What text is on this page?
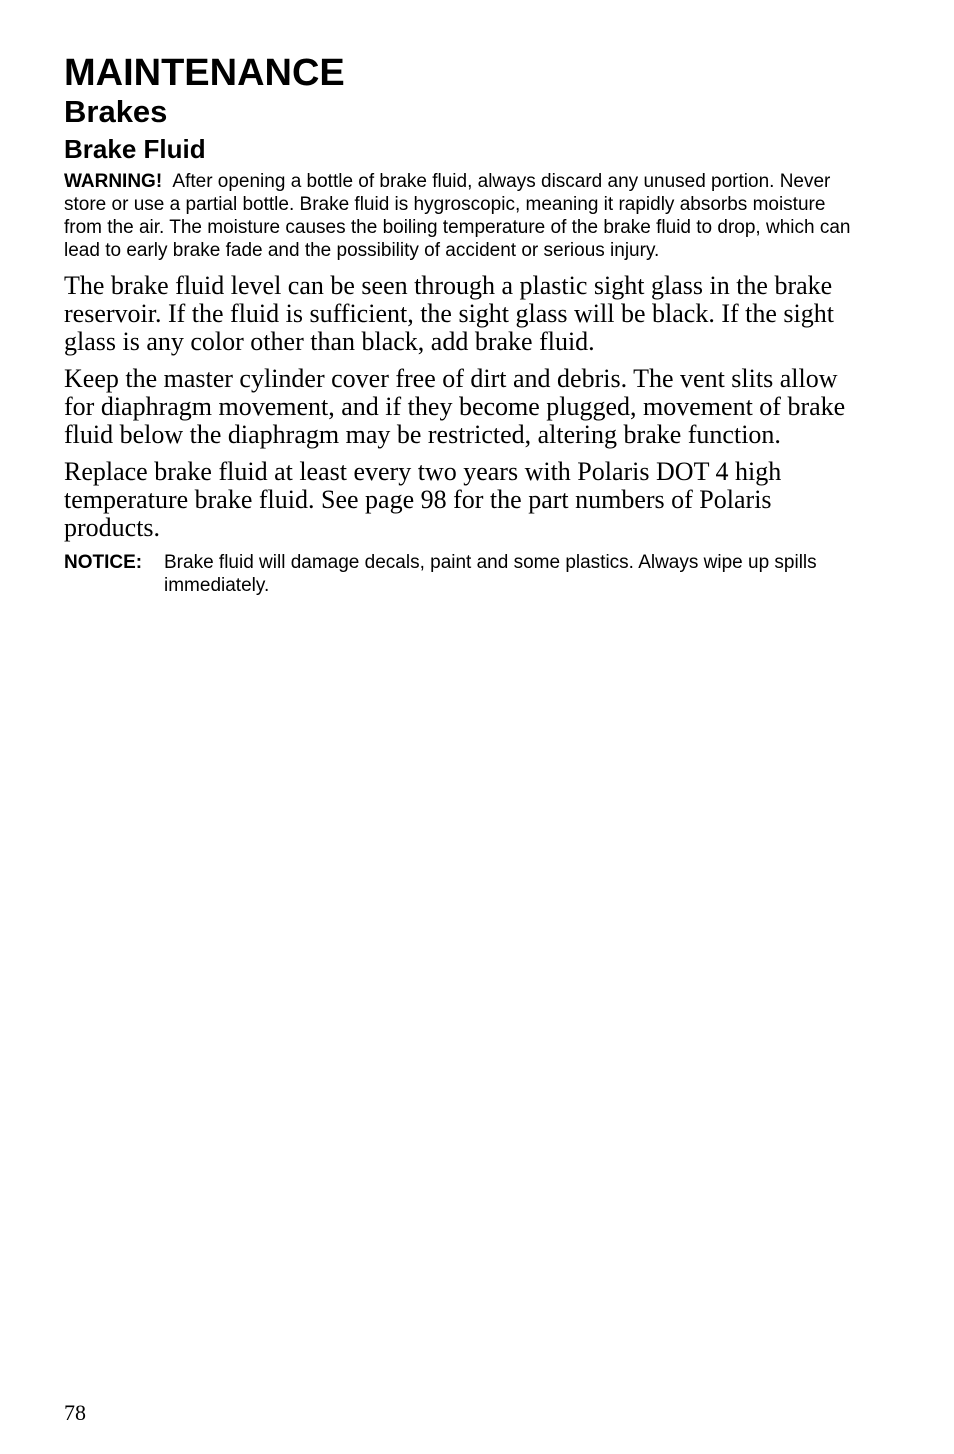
MAINTENANCE
Brakes
Brake Fluid
WARNING! After opening a bottle of brake fluid, always discard any unused portion. Never store or use a partial bottle. Brake fluid is hygroscopic, meaning it rapidly absorbs moisture from the air. The moisture causes the boiling temperature of the brake fluid to drop, which can lead to early brake fade and the possibility of accident or serious injury.

The brake fluid level can be seen through a plastic sight glass in the brake reservoir. If the fluid is sufficient, the sight glass will be black. If the sight glass is any color other than black, add brake fluid.

Keep the master cylinder cover free of dirt and debris. The vent slits allow for diaphragm movement, and if they become plugged, movement of brake fluid below the diaphragm may be restricted, altering brake function.

Replace brake fluid at least every two years with Polaris DOT 4 high temperature brake fluid. See page 98 for the part numbers of Polaris products.

NOTICE:	Brake fluid will damage decals, paint and some plastics. Always wipe up spills immediately.
78
